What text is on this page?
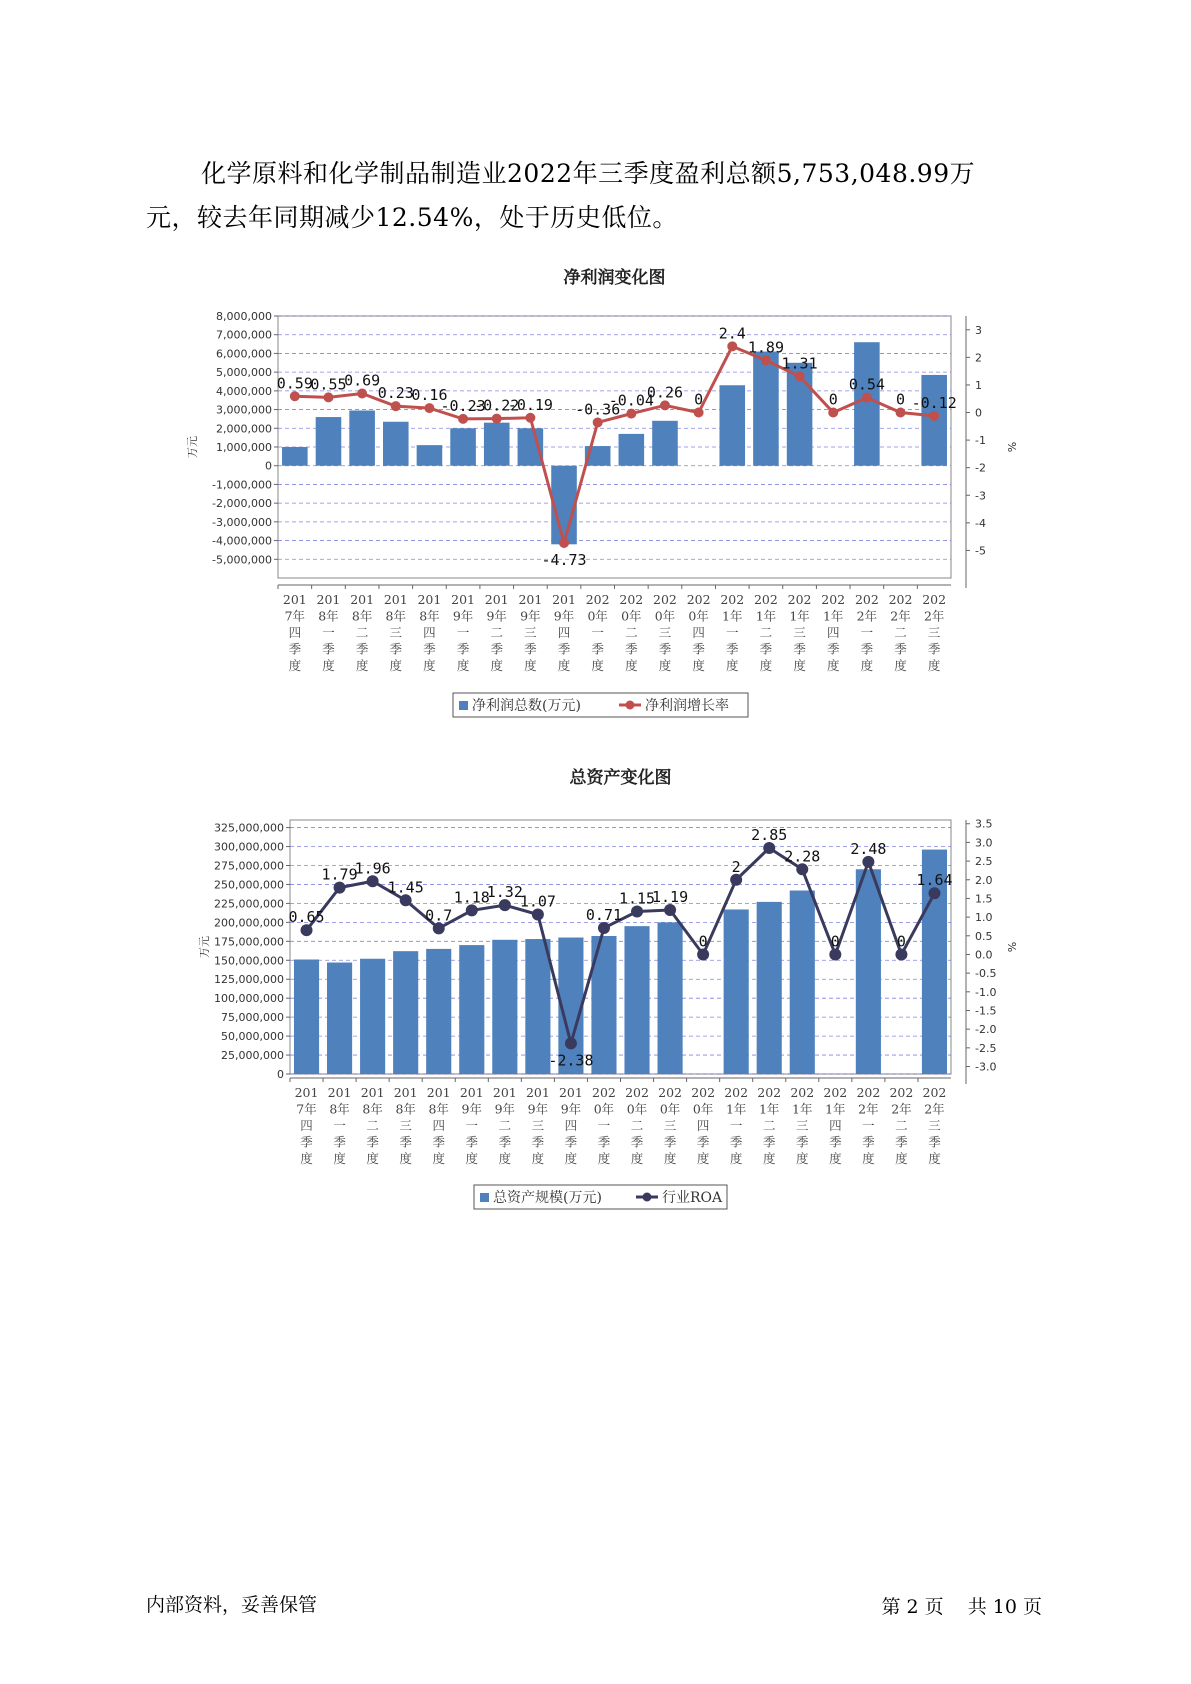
化学原料和化学制品制造业2022年三季度盈利总额5,753,048.99万
元，较去年同期减少12.54%，处于历史低位。

净利润变化图
8,000,000
7,000,000
6,000,000
5,000,000
4,000,000
3,000,000
2,000,000
1,000,000
0
-1,000,000
-2,000,000
-3,000,000
-4,000,000
-5,000,000
3
2
1
0
-1
-2
-3
-4
-5
万元	%
201
7年
四
季
度
201
8年
一
季
度
201
8年
二
季
度
201
8年
三
季
度
201
8年
四
季
度
201
9年
一
季
度
201
9年
二
季
度
201
9年
三
季
度
201
9年
四
季
度
202
0年
一
季
度
202
0年
二
季
度
202
0年
三
季
度
202
0年
四
季
度
202
1年
一
季
度
202
1年
二
季
度
202
1年
三
季
度
202
1年
四
季
度
202
2年
一
季
度
202
2年
二
季
度
202
2年
三
季
度
0.59
0.55
0.69
0.23
0.16
-0.23
-0.22
-0.19
-4.73
-0.36
-0.04
0.26 0
2.4
1.89
1.31
0
0.54
0 -0.12
净利润总数(万元)	净利润增长率
总资产变化图
325,000,000
300,000,000
275,000,000
250,000,000
225,000,000
200,000,000
175,000,000
150,000,000
125,000,000
100,000,000
75,000,000
50,000,000
25,000,000
0
3.5
3.0
2.5
2.0
1.5
1.0
0.5
0.0
-0.5
-1.0
-1.5
-2.0
-2.5
-3.0
万元	%
201
7年
四
季
度
201
8年
一
季
度
201
8年
二
季
度
201
8年
三
季
度
201
8年
四
季
度
201
9年
一
季
度
201
9年
二
季
度
201
9年
三
季
度
201
9年
四
季
度
202
0年
一
季
度
202
0年
二
季
度
202
0年
三
季
度
202
0年
四
季
度
202
1年
一
季
度
202
1年
二
季
度
202
1年
三
季
度
202
1年
四
季
度
202
2年
一
季
度
202
2年
二
季
度
202
2年
三
季
度
0.65
1.79
1.96
1.45
0.7
1.18
1.32
1.07
-2.38
0.71
1.15
1.19
0
2
2.85
2.28
0
2.48
0
1.64
总资产规模(万元)	行业ROA
内部资料，妥善保管	第 2 页 共 10 页
